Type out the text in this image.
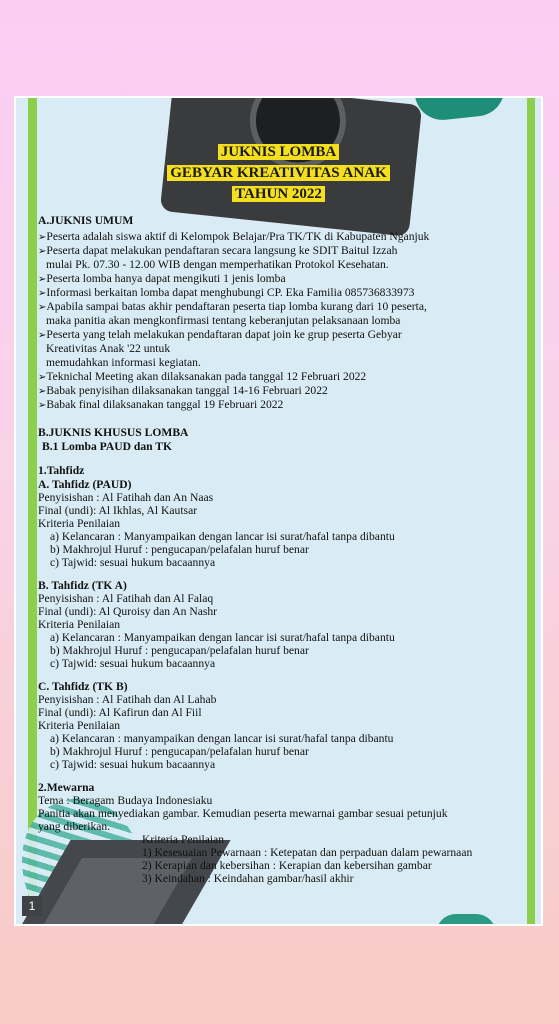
1
JUKNIS LOMBA
GEBYAR KREATIVITAS ANAK
TAHUN 2022
A.JUKNIS UMUM
➢Peserta adalah siswa aktif di Kelompok Belajar/Pra TK/TK di Kabupaten Nganjuk
➢Peserta dapat melakukan pendaftaran secara langsung ke SDIT Baitul Izzah
mulai Pk. 07.30 - 12.00 WIB dengan memperhatikan Protokol Kesehatan.
➢Peserta lomba hanya dapat mengikuti 1 jenis lomba
➢Informasi berkaitan lomba dapat menghubungi CP. Eka Familia 085736833973
➢Apabila sampai batas akhir pendaftaran peserta tiap lomba kurang dari 10 peserta,
maka panitia akan mengkonfirmasi tentang keberanjutan pelaksanaan lomba
➢Peserta yang telah melakukan pendaftaran dapat join ke grup peserta Gebyar
Kreativitas Anak '22 untuk
memudahkan informasi kegiatan.
➢Teknichal Meeting akan dilaksanakan pada tanggal 12 Februari 2022
➢Babak penyisihan dilaksanakan tanggal 14-16 Februari 2022
➢Babak final dilaksanakan tanggal 19 Februari 2022
B.JUKNIS KHUSUS LOMBA
B.1 Lomba PAUD dan TK
1.Tahfidz
A. Tahfidz (PAUD)
Penyisishan : Al Fatihah dan An Naas
Final (undi): Al Ikhlas, Al Kautsar
Kriteria Penilaian
a) Kelancaran : Manyampaikan dengan lancar isi surat/hafal tanpa dibantu
b) Makhrojul Huruf : pengucapan/pelafalan huruf benar
c) Tajwid: sesuai hukum bacaannya
B. Tahfidz (TK A)
Penyisishan : Al Fatihah dan Al Falaq
Final (undi): Al Quroisy dan An Nashr
Kriteria Penilaian
a) Kelancaran : Manyampaikan dengan lancar isi surat/hafal tanpa dibantu
b) Makhrojul Huruf : pengucapan/pelafalan huruf benar
c) Tajwid: sesuai hukum bacaannya
C. Tahfidz (TK B)
Penyisishan : Al Fatihah dan Al Lahab
Final (undi): Al Kafirun dan Al Fiil
Kriteria Penilaian
a) Kelancaran : manyampaikan dengan lancar isi surat/hafal tanpa dibantu
b) Makhrojul Huruf : pengucapan/pelafalan huruf benar
c) Tajwid: sesuai hukum bacaannya
2.Mewarna
Tema : Beragam Budaya Indonesiaku
Panitia akan menyediakan gambar. Kemudian peserta mewarnai gambar sesuai petunjuk
yang diberikan.
Kriteria Penilaian
1) Kesesuaian Pewarnaan : Ketepatan dan perpaduan dalam pewarnaan
2) Kerapian dan kebersihan : Kerapian dan kebersihan gambar
3) Keindahan : Keindahan gambar/hasil akhir
